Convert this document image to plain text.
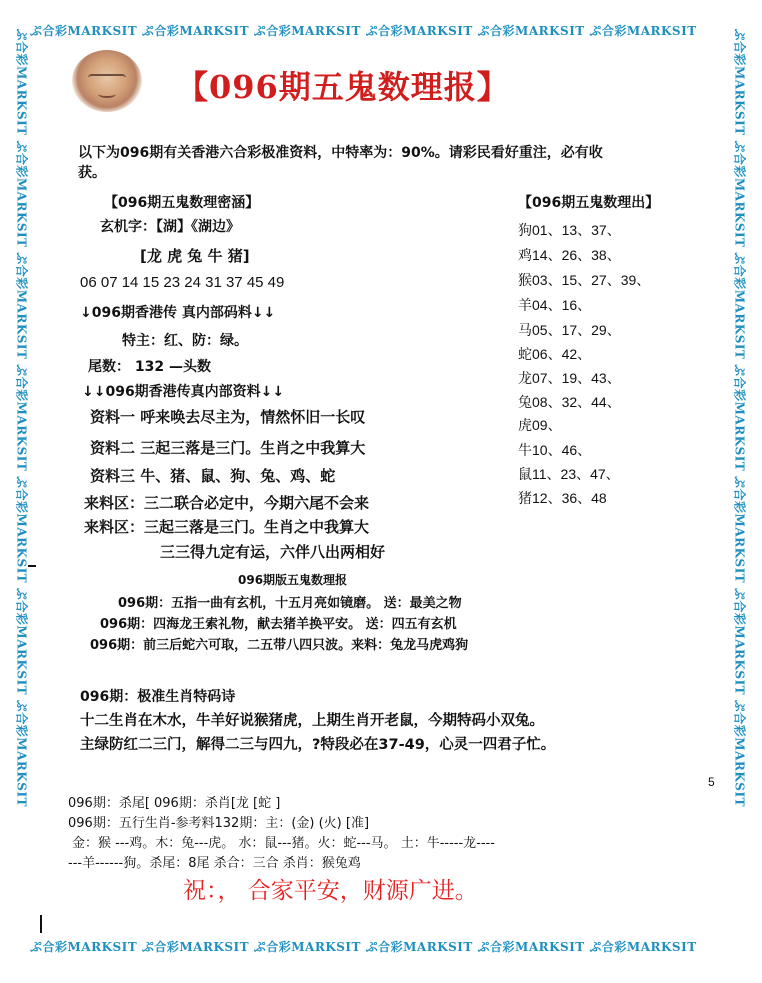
ぷ合彩MARKSIT ぷ合彩MARKSIT ぷ合彩MARKSIT ぷ合彩MARKSIT ぷ合彩MARKSIT ぷ合彩MARKSIT
ぷ合彩MARKSIT ぷ合彩MARKSIT ぷ合彩MARKSIT ぷ合彩MARKSIT ぷ合彩MARKSIT ぷ合彩MARKSIT
ぷ合彩MARKSIT ぷ合彩MARKSIT ぷ合彩MARKSIT ぷ合彩MARKSIT ぷ合彩MARKSIT ぷ合彩MARKSIT ぷ合彩MARKSIT	ぷ合彩MARKSIT ぷ合彩MARKSIT ぷ合彩MARKSIT ぷ合彩MARKSIT ぷ合彩MARKSIT ぷ合彩MARKSIT ぷ合彩MARKSIT
【096期五鬼数理报】
以下为096期有关香港六合彩极准资料，中特率为：90%。请彩民看好重注，必有收
获。
【096期五鬼数理密涵】
玄机字：【湖】《湖边》
[龙 虎 兔 牛 猪]
06 07 14 15 23 24 31 37 45 49
↓096期香港传 真内部码料↓↓
特主：红、防：绿。
尾数： 132 —头数
↓↓096期香港传真内部资料↓↓
资料一 呼来唤去尽主为，情然怀旧一长叹
资料二 三起三落是三门。生肖之中我算大
资料三 牛、猪、鼠、狗、兔、鸡、蛇
来料区：三二联合必定中，今期六尾不会来
来料区：三起三落是三门。生肖之中我算大
三三得九定有运，六伴八出两相好
【096期五鬼数理出】
狗01、13、37、
鸡14、26、38、
猴03、15、27、39、
羊04、16、
马05、17、29、
蛇06、42、
龙07、19、43、
兔08、32、44、
虎09、
牛10、46、
鼠11、23、47、
猪12、36、48
096期版五鬼数理报
096期：五指一曲有玄机，十五月亮如镜磨。 送：最美之物
096期：四海龙王索礼物，献去猪羊换平安。 送：四五有玄机
096期：前三后蛇六可取，二五带八四只波。来料：兔龙马虎鸡狗
096期：极准生肖特码诗
十二生肖在木水，牛羊好说猴猪虎，上期生肖开老鼠，今期特码小双兔。
主绿防红二三门，解得二三与四九，?特段必在37-49，心灵一四君子忙。
5
096期：杀尾[ 096期：杀肖[龙 [蛇 ]
096期：五行生肖-参考料132期：主：(金) (火) [准]
金：猴 ---鸡。木：兔---虎。 水：鼠---猪。火：蛇---马。 土：牛-----龙----
---羊------狗。杀尾：8尾 杀合：三合 杀肖：猴兔鸡
祝：， 合家平安，财源广进。
